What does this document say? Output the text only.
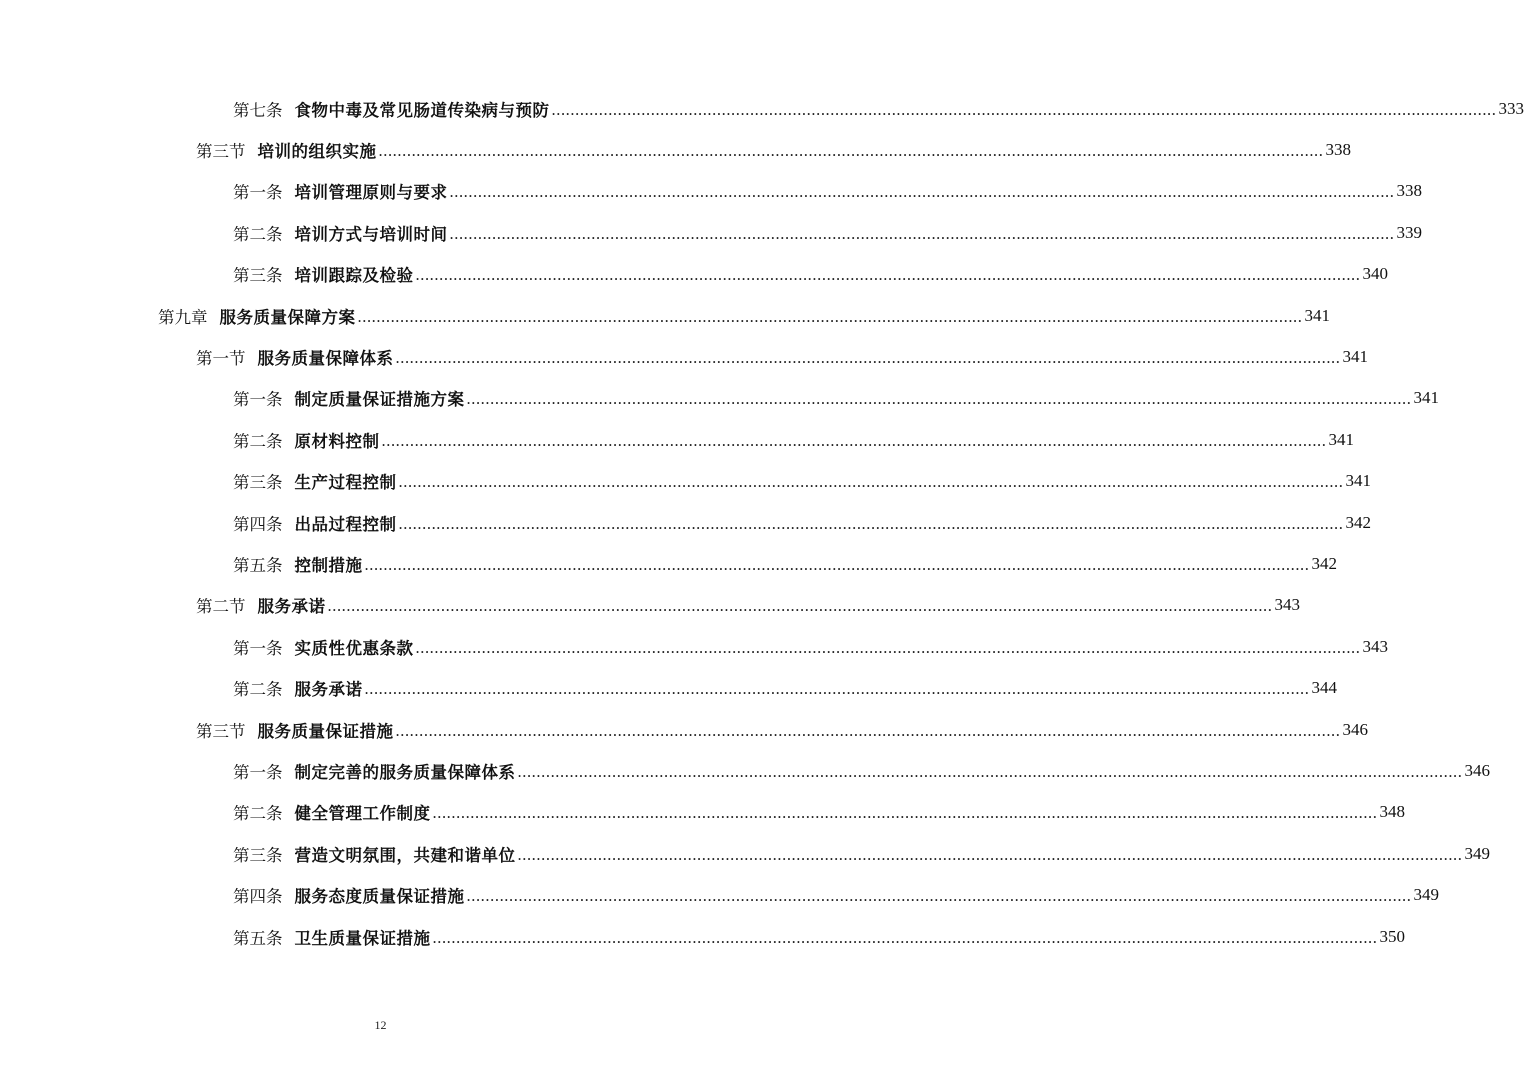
第七条 食物中毒及常见肠道传染病与预防 ........................................................................................................................................................................................................ 333
第三节 培训的组织实施 ........................................................................................................................................................................................................ 338
第一条 培训管理原则与要求 ........................................................................................................................................................................................................ 338
第二条 培训方式与培训时间 ........................................................................................................................................................................................................ 339
第三条 培训跟踪及检验 ........................................................................................................................................................................................................ 340
第九章 服务质量保障方案 ........................................................................................................................................................................................................ 341
第一节 服务质量保障体系 ........................................................................................................................................................................................................ 341
第一条 制定质量保证措施方案 ........................................................................................................................................................................................................ 341
第二条 原材料控制 ........................................................................................................................................................................................................ 341
第三条 生产过程控制 ........................................................................................................................................................................................................ 341
第四条 出品过程控制 ........................................................................................................................................................................................................ 342
第五条 控制措施 ........................................................................................................................................................................................................ 342
第二节 服务承诺 ........................................................................................................................................................................................................ 343
第一条 实质性优惠条款 ........................................................................................................................................................................................................ 343
第二条 服务承诺 ........................................................................................................................................................................................................ 344
第三节 服务质量保证措施 ........................................................................................................................................................................................................ 346
第一条 制定完善的服务质量保障体系 ........................................................................................................................................................................................................ 346
第二条 健全管理工作制度 ........................................................................................................................................................................................................ 348
第三条 营造文明氛围，共建和谐单位 ........................................................................................................................................................................................................ 349
第四条 服务态度质量保证措施 ........................................................................................................................................................................................................ 349
第五条 卫生质量保证措施 ........................................................................................................................................................................................................ 350
12
